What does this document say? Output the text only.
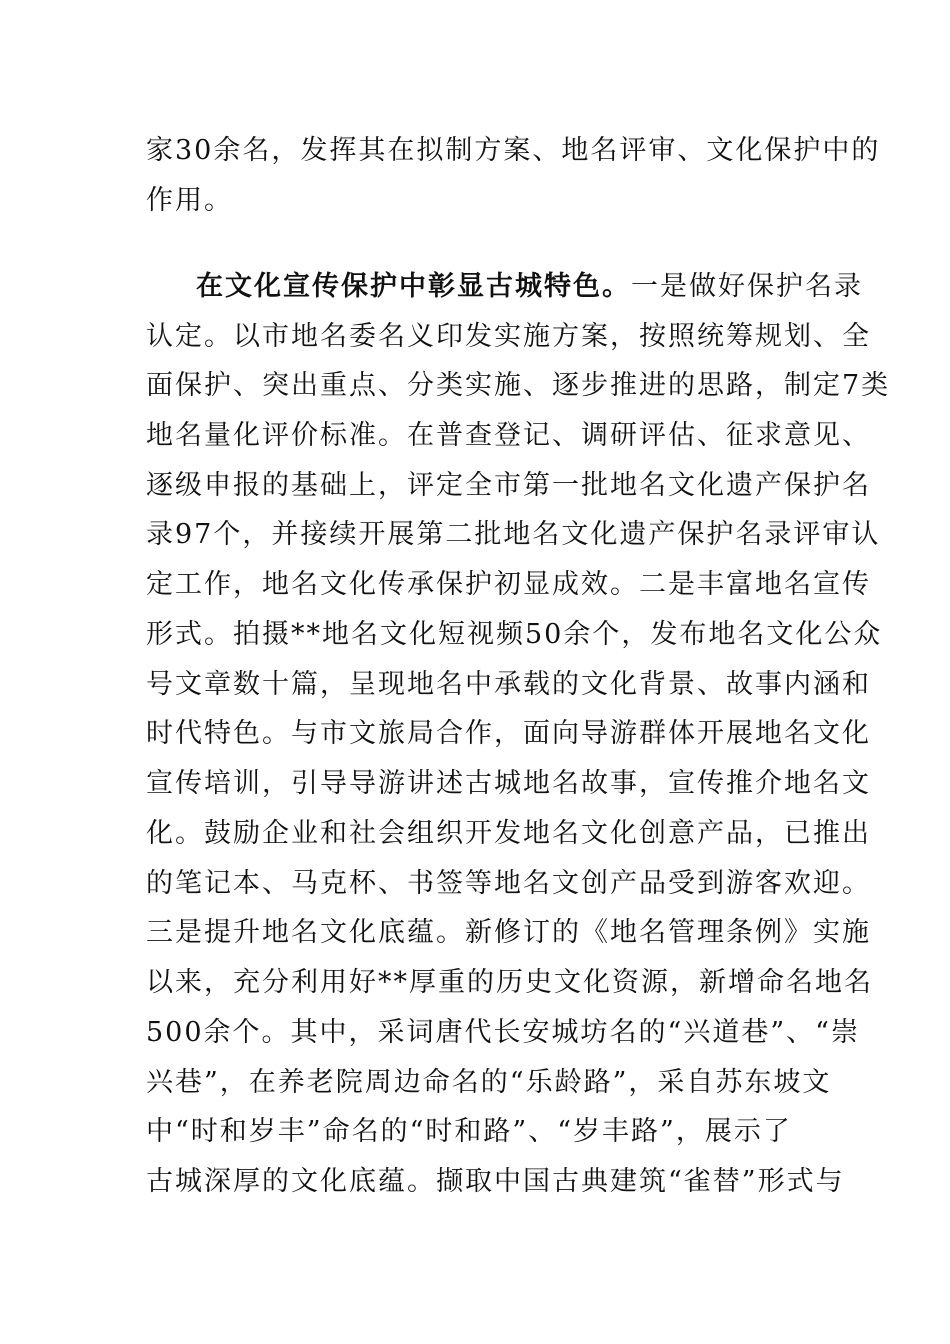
家30余名，发挥其在拟制方案、地名评审、文化保护中的
作用。
在文化宣传保护中彰显古城特色。一是做好保护名录
认定。以市地名委名义印发实施方案，按照统筹规划、全
面保护、突出重点、分类实施、逐步推进的思路，制定7类
地名量化评价标准。在普查登记、调研评估、征求意见、
逐级申报的基础上，评定全市第一批地名文化遗产保护名
录97个，并接续开展第二批地名文化遗产保护名录评审认
定工作，地名文化传承保护初显成效。二是丰富地名宣传
形式。拍摄**地名文化短视频50余个，发布地名文化公众
号文章数十篇，呈现地名中承载的文化背景、故事内涵和
时代特色。与市文旅局合作，面向导游群体开展地名文化
宣传培训，引导导游讲述古城地名故事，宣传推介地名文
化。鼓励企业和社会组织开发地名文化创意产品，已推出
的笔记本、马克杯、书签等地名文创产品受到游客欢迎。
三是提升地名文化底蕴。新修订的《地名管理条例》实施
以来，充分利用好**厚重的历史文化资源，新增命名地名
500余个。其中，采词唐代长安城坊名的“兴道巷”、“崇
兴巷”，在养老院周边命名的“乐龄路”，采自苏东坡文
中“时和岁丰”命名的“时和路”、“岁丰路”，展示了
古城深厚的文化底蕴。撷取中国古典建筑“雀替”形式与
